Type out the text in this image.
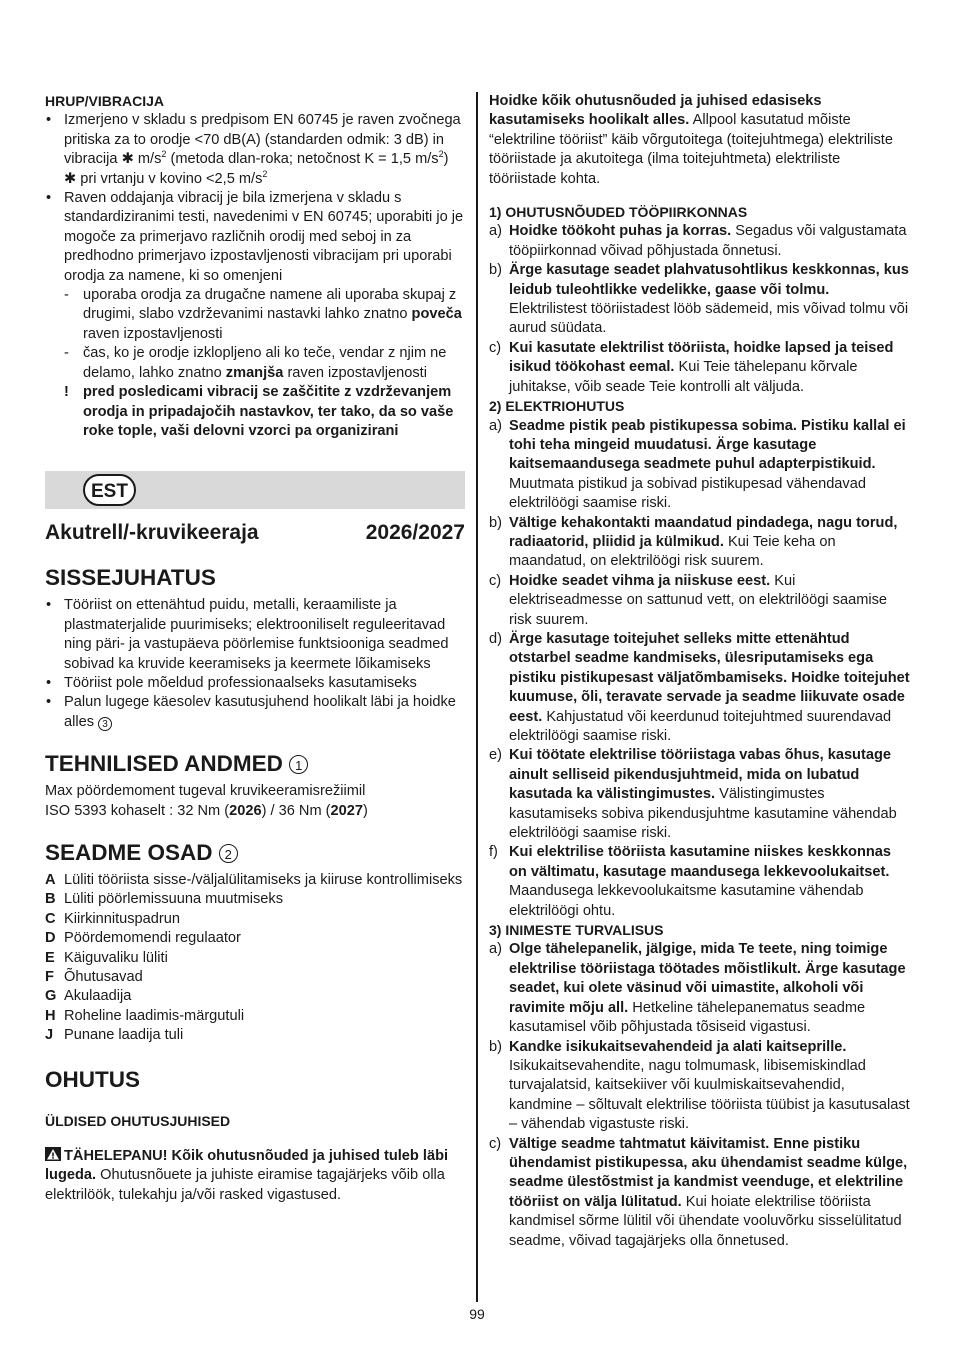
HRUP/VIBRACIJA

• Izmerjeno v skladu s predpisom EN 60745 je raven zvočnega pritiska za to orodje <70 dB(A) (standarden odmik: 3 dB) in vibracija ✱ $m/s^2$ (metoda dlan-roka; netočnost K = 1,5 $m/s^2$)
✱ pri vrtanju v kovino <2,5 $m/s^2$
• Raven oddajanja vibracij je bila izmerjena v skladu s standardiziranimi testi, navedenimi v EN 60745; uporabiti jo je mogoče za primerjavo različnih orodij med seboj in za predhodno primerjavo izpostavljenosti vibracijam pri uporabi orodja za namene, ki so omenjeni
- uporaba orodja za drugačne namene ali uporaba skupaj z drugimi, slabo vzdrževanimi nastavki lahko znatno poveča raven izpostavljenosti
- čas, ko je orodje izklopljeno ali ko teče, vendar z njim ne delamo, lahko znatno zmanjša raven izpostavljenosti
! pred posledicami vibracij se zaščitite z vzdrževanjem orodja in pripadajočih nastavkov, ter tako, da so vaše roke tople, vaši delovni vzorci pa organizirani
EST
Akutrell/-kruvikeeraja	2026/2027
SISSEJUHATUS
• Tööriist on ettenähtud puidu, metalli, keraamiliste ja plastmaterjalide puurimiseks; elektrooniliselt reguleeritavad ning päri- ja vastupäeva pöörlemise funktsiooniga seadmed sobivad ka kruvide keeramiseks ja keermete lõikamiseks
• Tööriist pole mõeldud professionaalseks kasutamiseks
• Palun lugege käesolev kasutusjuhend hoolikalt läbi ja hoidke alles 3
TEHNILISED ANDMED 1

Max pöördemoment tugeval kruvikeeramisrežiimil

ISO 5393 kohaselt : 32 Nm (2026) / 36 Nm (2027)

SEADME OSAD 2
A Lüliti tööriista sisse-/väljalülitamiseks ja kiiruse kontrollimiseks
B Lüliti pöörlemissuuna muutmiseks
C Kiirkinnituspadrun
D Pöördemomendi regulaator
E Käiguvaliku lüliti
F Õhutusavad
G Akulaadija
H Roheline laadimis-märgutuli
J Punane laadija tuli
OHUTUS

ÜLDISED OHUTUSJUHISED

TÄHELEPANU! Kõik ohutusnõuded ja juhised tuleb läbi lugeda. Ohutusnõuete ja juhiste eiramise tagajärjeks võib olla elektrilöök, tulekahju ja/või rasked vigastused.

Hoidke kõik ohutusnõuded ja juhised edasiseks kasutamiseks hoolikalt alles. Allpool kasutatud mõiste “elektriline tööriist” käib võrgutoitega (toitejuhtmega) elektriliste tööriistade ja akutoitega (ilma toitejuhtmeta) elektriliste tööriistade kohta.

1) OHUTUSNÕUDED TÖÖPIIRKONNAS

a) Hoidke töökoht puhas ja korras. Segadus või valgustamata tööpiirkonnad võivad põhjustada õnnetusi.
b) Ärge kasutage seadet plahvatusohtlikus keskkonnas, kus leidub tuleohtlikke vedelikke, gaase või tolmu. Elektrilistest tööriistadest lööb sädemeid, mis võivad tolmu või aurud süüdata.
c) Kui kasutate elektrilist tööriista, hoidke lapsed ja teised isikud töökohast eemal. Kui Teie tähelepanu kõrvale juhitakse, võib seade Teie kontrolli alt väljuda.

2) ELEKTRIOHUTUS

a) Seadme pistik peab pistikupessa sobima. Pistiku kallal ei tohi teha mingeid muudatusi. Ärge kasutage kaitsemaandusega seadmete puhul adapterpistikuid. Muutmata pistikud ja sobivad pistikupesad vähendavad elektrilöögi saamise riski.
b) Vältige kehakontakti maandatud pindadega, nagu torud, radiaatorid, pliidid ja külmikud. Kui Teie keha on maandatud, on elektrilöögi risk suurem.
c) Hoidke seadet vihma ja niiskuse eest. Kui elektriseadmesse on sattunud vett, on elektrilöögi saamise risk suurem.
d) Ärge kasutage toitejuhet selleks mitte ettenähtud otstarbel seadme kandmiseks, ülesriputamiseks ega pistiku pistikupesast väljatõmbamiseks. Hoidke toitejuhet kuumuse, õli, teravate servade ja seadme liikuvate osade eest. Kahjustatud või keerdunud toitejuhtmed suurendavad elektrilöögi saamise riski.
e) Kui töötate elektrilise tööriistaga vabas õhus, kasutage ainult selliseid pikendusjuhtmeid, mida on lubatud kasutada ka välistingimustes. Välistingimustes kasutamiseks sobiva pikendusjuhtme kasutamine vähendab elektrilöögi saamise riski.
f) Kui elektrilise tööriista kasutamine niiskes keskkonnas on vältimatu, kasutage maandusega lekkevoolukaitset. Maandusega lekkevoolukaitsme kasutamine vähendab elektrilöögi ohtu.

3) INIMESTE TURVALISUS

a) Olge tähelepanelik, jälgige, mida Te teete, ning toimige elektrilise tööriistaga töötades mõistlikult. Ärge kasutage seadet, kui olete väsinud või uimastite, alkoholi või ravimite mõju all. Hetkeline tähelepanematus seadme kasutamisel võib põhjustada tõsiseid vigastusi.
b) Kandke isikukaitsevahendeid ja alati kaitseprille. Isikukaitsevahendite, nagu tolmumask, libisemiskindlad turvajalatsid, kaitsekiiver või kuulmiskaitsevahendid, kandmine – sõltuvalt elektrilise tööriista tüübist ja kasutusalast – vähendab vigastuste riski.
c) Vältige seadme tahtmatut käivitamist. Enne pistiku ühendamist pistikupessa, aku ühendamist seadme külge, seadme ülestõstmist ja kandmist veenduge, et elektriline tööriist on välja lülitatud. Kui hoiate elektrilise tööriista kandmisel sõrme lülitil või ühendate vooluvõrku sisselülitatud seadme, võivad tagajärjeks olla õnnetused.
99
